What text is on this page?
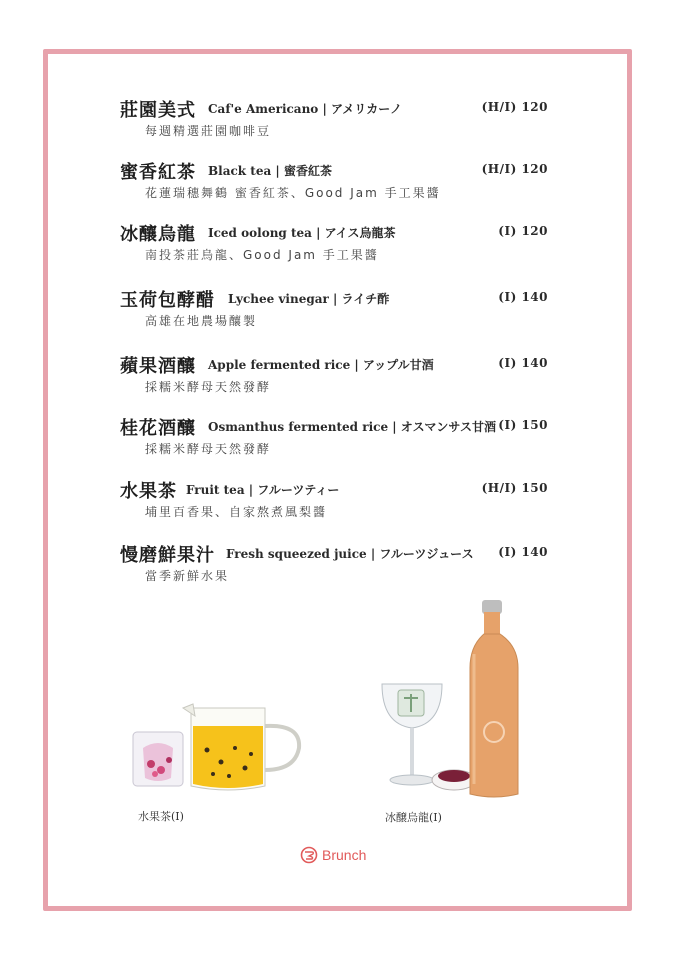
莊園美式 Caf'e Americano | アメリカーノ	(H/I) 120
每週精選莊園咖啡豆
蜜香紅茶 Black tea | 蜜香紅茶	(H/I) 120
花蓮瑞穗舞鶴 蜜香紅茶、Good Jam 手工果醬
冰釀烏龍 Iced oolong tea | アイス烏龍茶	(I) 120
南投茶莊烏龍、Good Jam 手工果醬
玉荷包酵醋 Lychee vinegar | ライチ酢	(I) 140
高雄在地農場釀製
蘋果酒釀 Apple fermented rice | アップル甘酒	(I) 140
採糯米酵母天然發酵
桂花酒釀 Osmanthus fermented rice | オスマンサス甘酒 (I) 150
採糯米酵母天然發酵
水果茶 Fruit tea | フルーツティー	(H/I) 150
埔里百香果、自家熬煮風梨醬
慢磨鮮果汁 Fresh squeezed juice | フルーツジュース (I) 140
當季新鮮水果
水果茶(I)	冰醸烏龍(I)
Brunch
